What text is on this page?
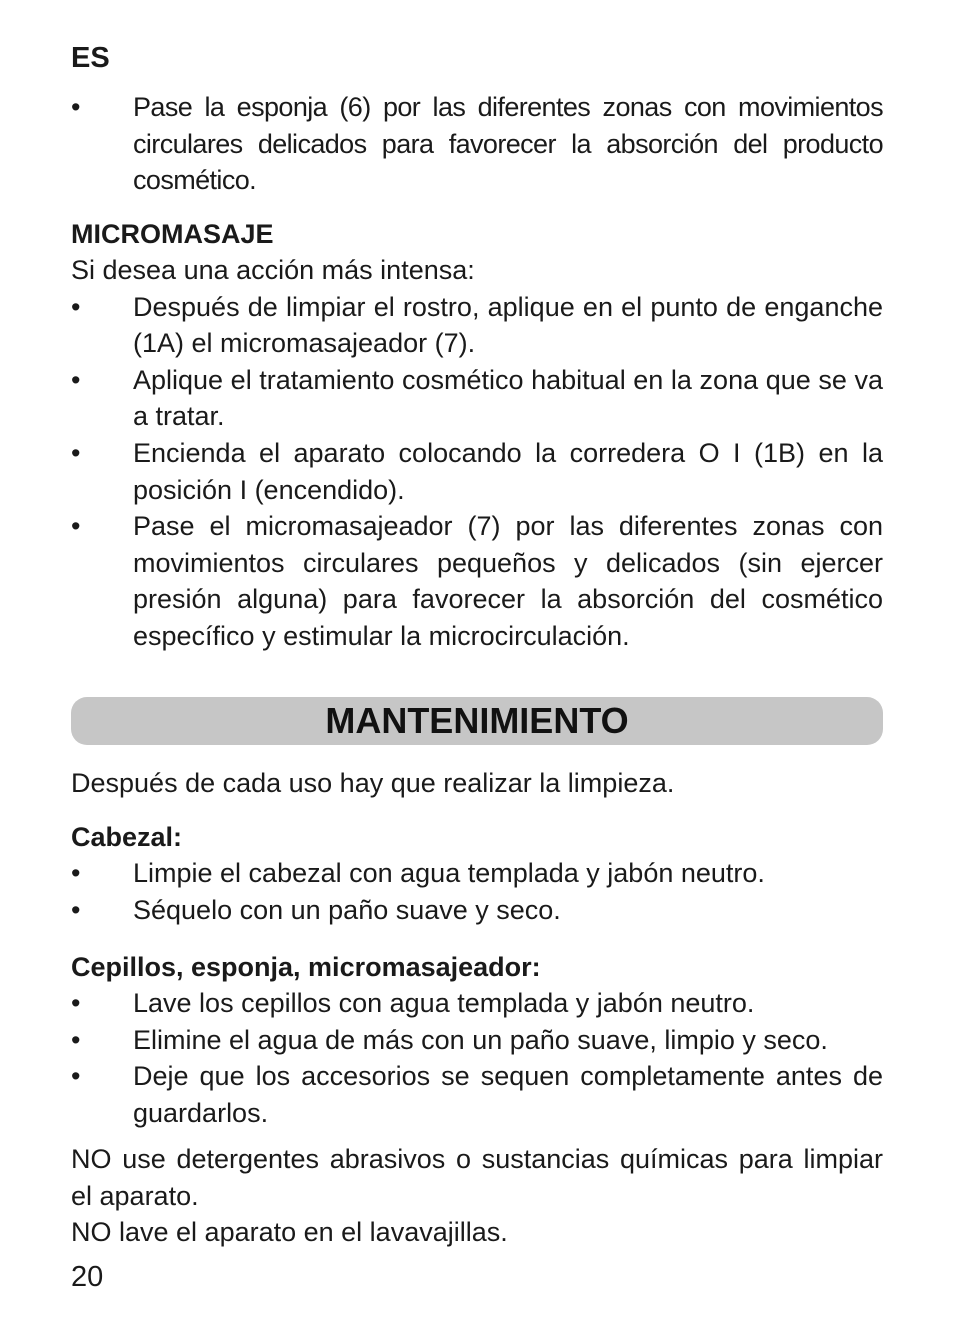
ES
• Pase la esponja (6) por las diferentes zonas con movimientos circulares delicados para favorecer la absorción del producto cosmético.
MICROMASAJE
Si desea una acción más intensa:
• Después de limpiar el rostro, aplique en el punto de enganche (1A) el micromasajeador (7).
• Aplique el tratamiento cosmético habitual en la zona que se va a tratar.
• Encienda el aparato colocando la corredera O I (1B) en la posición I (encendido).
• Pase el micromasajeador (7) por las diferentes zonas con movimientos circulares pequeños y delicados (sin ejercer presión alguna) para favorecer la absorción del cosmético específico y estimular la microcirculación.
MANTENIMIENTO
Después de cada uso hay que realizar la limpieza.
Cabezal:
• Limpie el cabezal con agua templada y jabón neutro.
• Séquelo con un paño suave y seco.
Cepillos, esponja, micromasajeador:
• Lave los cepillos con agua templada y jabón neutro.
• Elimine el agua de más con un paño suave, limpio y seco.
• Deje que los accesorios se sequen completamente antes de guardarlos.
NO use detergentes abrasivos o sustancias químicas para limpiar el aparato.
NO lave el aparato en el lavavajillas.
20
